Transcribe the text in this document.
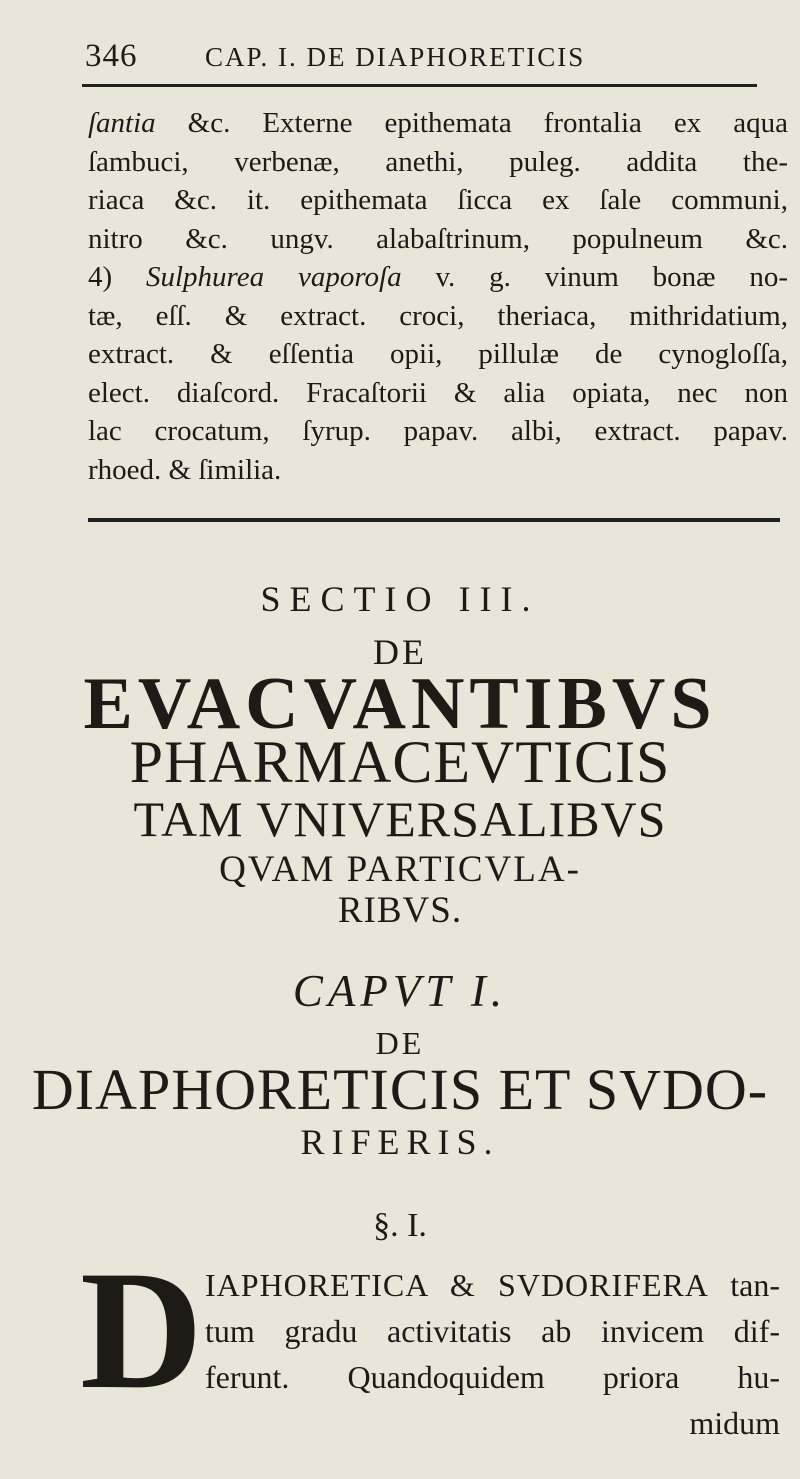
346	CAP. I. DE DIAPHORETICIS
ſantia &c. Externe epithemata frontalia ex aqua
ſambuci, verbenæ, anethi, puleg. addita the-
riaca &c. it. epithemata ſicca ex ſale communi,
nitro &c. ungv. alabaſtrinum, populneum &c.
4) Sulphurea vaporoſa v. g. vinum bonæ no-
tæ, eſſ. & extract. croci, theriaca, mithridatium,
extract. & eſſentia opii, pillulæ de cynogloſſa,
elect. diaſcord. Fracaſtorii & alia opiata, nec non
lac crocatum, ſyrup. papav. albi, extract. papav.
rhoed. & ſimilia.
SECTIO III.
DE
EVACVANTIBVS
PHARMACEVTICIS
TAM VNIVERSALIBVS
QVAM PARTICVLA-
RIBVS.
CAPVT I.
DE
DIAPHORETICIS ET SVDO-
RIFERIS.
§. I.
D IAPHORETICA & SVDORIFERA tan-
tum gradu activitatis ab invicem dif-
ferunt. Quandoquidem priora hu-
midum
